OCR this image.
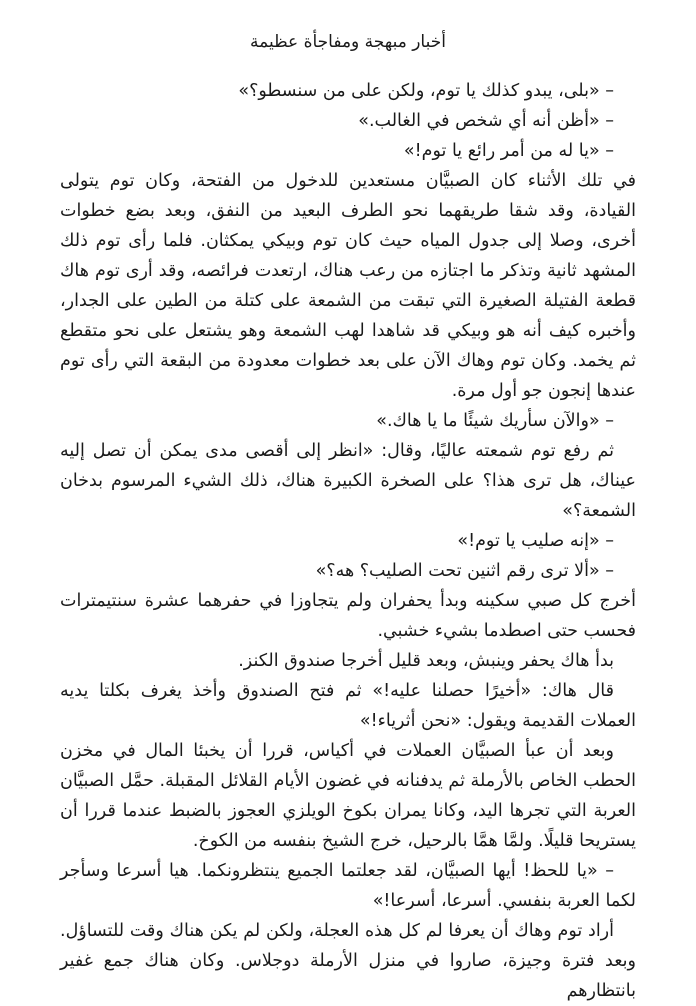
أخبار مبهجة ومفاجأة عظيمة

– «بلى، يبدو كذلك يا توم، ولكن على من سنسطو؟»

– «أظن أنه أي شخص في الغالب.»

– «يا له من أمر رائع يا توم!»

في تلك الأثناء كان الصبيَّان مستعدين للدخول من الفتحة، وكان توم يتولى القيادة، وقد شقا طريقهما نحو الطرف البعيد من النفق، وبعد بضع خطوات أخرى، وصلا إلى جدول المياه حيث كان توم وبيكي يمكثان. فلما رأى توم ذلك المشهد ثانية وتذكر ما اجتازه من رعب هناك، ارتعدت فرائصه، وقد أرى توم هاك قطعة الفتيلة الصغيرة التي تبقت من الشمعة على كتلة من الطين على الجدار، وأخبره كيف أنه هو وبيكي قد شاهدا لهب الشمعة وهو يشتعل على نحو متقطع ثم يخمد. وكان توم وهاك الآن على بعد خطوات معدودة من البقعة التي رأى توم عندها إنجون جو أول مرة.

– «والآن سأريك شيئًا ما يا هاك.»

ثم رفع توم شمعته عاليًا، وقال: «انظر إلى أقصى مدى يمكن أن تصل إليه عيناك، هل ترى هذا؟ على الصخرة الكبيرة هناك، ذلك الشيء المرسوم بدخان الشمعة؟»

– «إنه صليب يا توم!»

– «ألا ترى رقم اثنين تحت الصليب؟ هه؟»

أخرج كل صبي سكينه وبدأ يحفران ولم يتجاوزا في حفرهما عشرة سنتيمترات فحسب حتى اصطدما بشيء خشبي.

بدأ هاك يحفر وينبش، وبعد قليل أخرجا صندوق الكنز.

قال هاك: «أخيرًا حصلنا عليه!» ثم فتح الصندوق وأخذ يغرف بكلتا يديه العملات القديمة ويقول: «نحن أثرياء!»

وبعد أن عبأ الصبيَّان العملات في أكياس، قررا أن يخبئا المال في مخزن الحطب الخاص بالأرملة ثم يدفنانه في غضون الأيام القلائل المقبلة. حمَّل الصبيَّان العربة التي تجرها اليد، وكانا يمران بكوخ الويلزي العجوز بالضبط عندما قررا أن يستريحا قليلًا. ولمَّا همَّا بالرحيل، خرج الشيخ بنفسه من الكوخ.

– «يا للحظ! أيها الصبيَّان، لقد جعلتما الجميع ينتظرونكما. هيا أسرعا وسأجر لكما العربة بنفسي. أسرعا، أسرعا!»

أراد توم وهاك أن يعرفا لم كل هذه العجلة، ولكن لم يكن هناك وقت للتساؤل. وبعد فترة وجيزة، صاروا في منزل الأرملة دوجلاس. وكان هناك جمع غفير بانتظارهم
